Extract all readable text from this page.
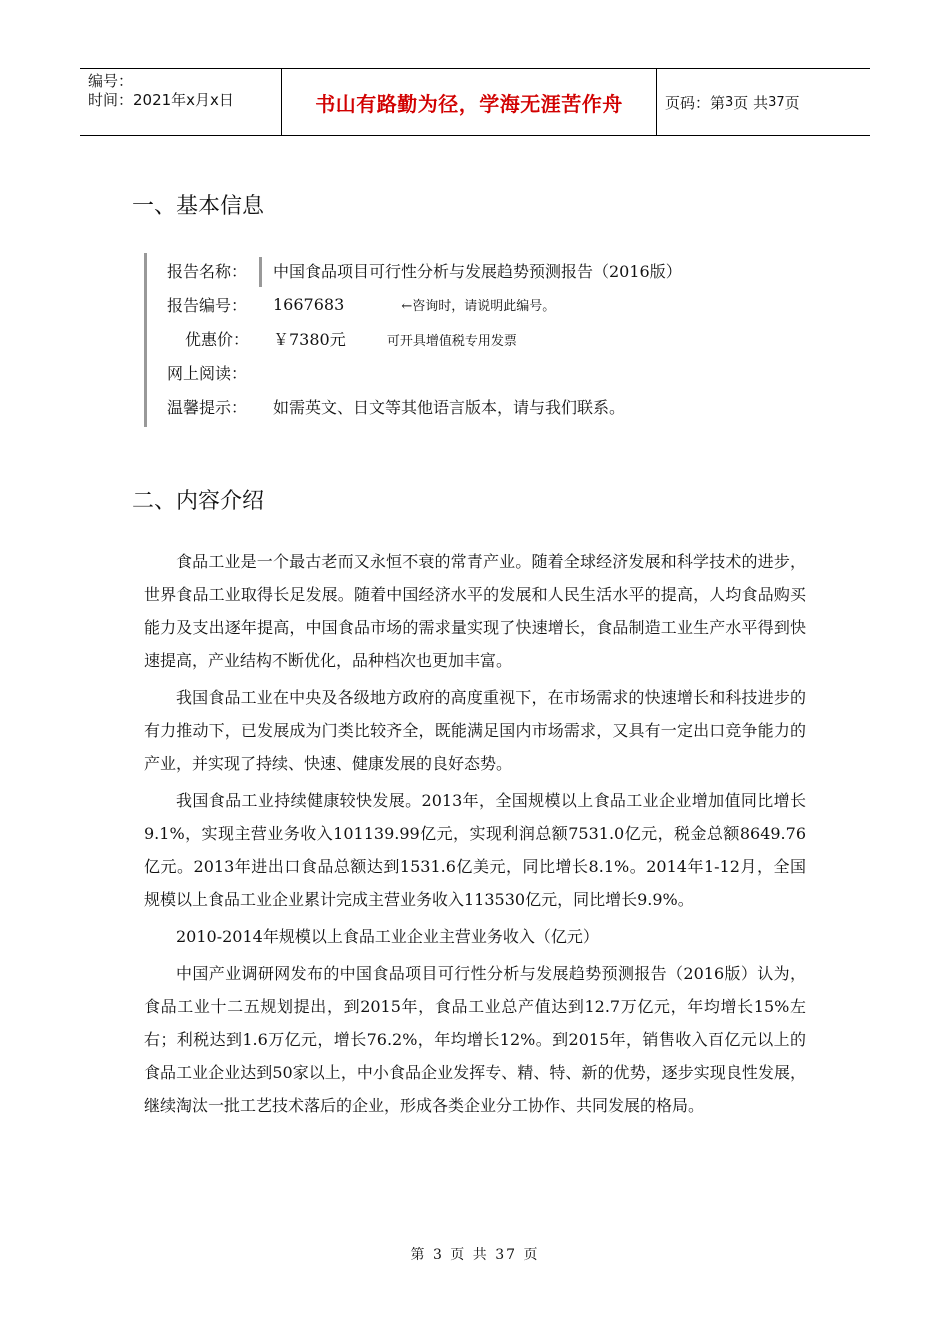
编号：
时间：2021年x月x日	书山有路勤为径，学海无涯苦作舟	页码：第 3 页 共 37 页
一、基本信息
报告名称：	中国食品项目可行性分析与发展趋势预测报告（2016版）
报告编号：	1667683	←咨询时，请说明此编号。
优惠价： ￥7380元	可开具增值税专用发票
网上阅读：
温馨提示：	如需英文、日文等其他语言版本，请与我们联系。
二、内容介绍

食品工业是一个最古老而又永恒不衰的常青产业。随着全球经济发展和科学技术的进步，世界食品工业取得长足发展。随着中国经济水平的发展和人民生活水平的提高，人均食品购买能力及支出逐年提高，中国食品市场的需求量实现了快速增长，食品制造工业生产水平得到快速提高，产业结构不断优化，品种档次也更加丰富。

我国食品工业在中央及各级地方政府的高度重视下，在市场需求的快速增长和科技进步的有力推动下，已发展成为门类比较齐全，既能满足国内市场需求，又具有一定出口竞争能力的产业，并实现了持续、快速、健康发展的良好态势。

我国食品工业持续健康较快发展。2013年，全国规模以上食品工业企业增加值同比增长9.1%，实现主营业务收入101139.99亿元，实现利润总额7531.0亿元，税金总额8649.76亿元。2013年进出口食品总额达到1531.6亿美元，同比增长8.1%。2014年1-12月，全国规模以上食品工业企业累计完成主营业务收入113530亿元，同比增长9.9%。

2010-2014年规模以上食品工业企业主营业务收入（亿元）

中国产业调研网发布的中国食品项目可行性分析与发展趋势预测报告（2016版）认为，食品工业十二五规划提出，到2015年，食品工业总产值达到12.7万亿元，年均增长15%左右；利税达到1.6万亿元，增长76.2%，年均增长12%。到2015年，销售收入百亿元以上的食品工业企业达到50家以上，中小食品企业发挥专、精、特、新的优势，逐步实现良性发展，继续淘汰一批工艺技术落后的企业，形成各类企业分工协作、共同发展的格局。

第 3 页 共 37 页
